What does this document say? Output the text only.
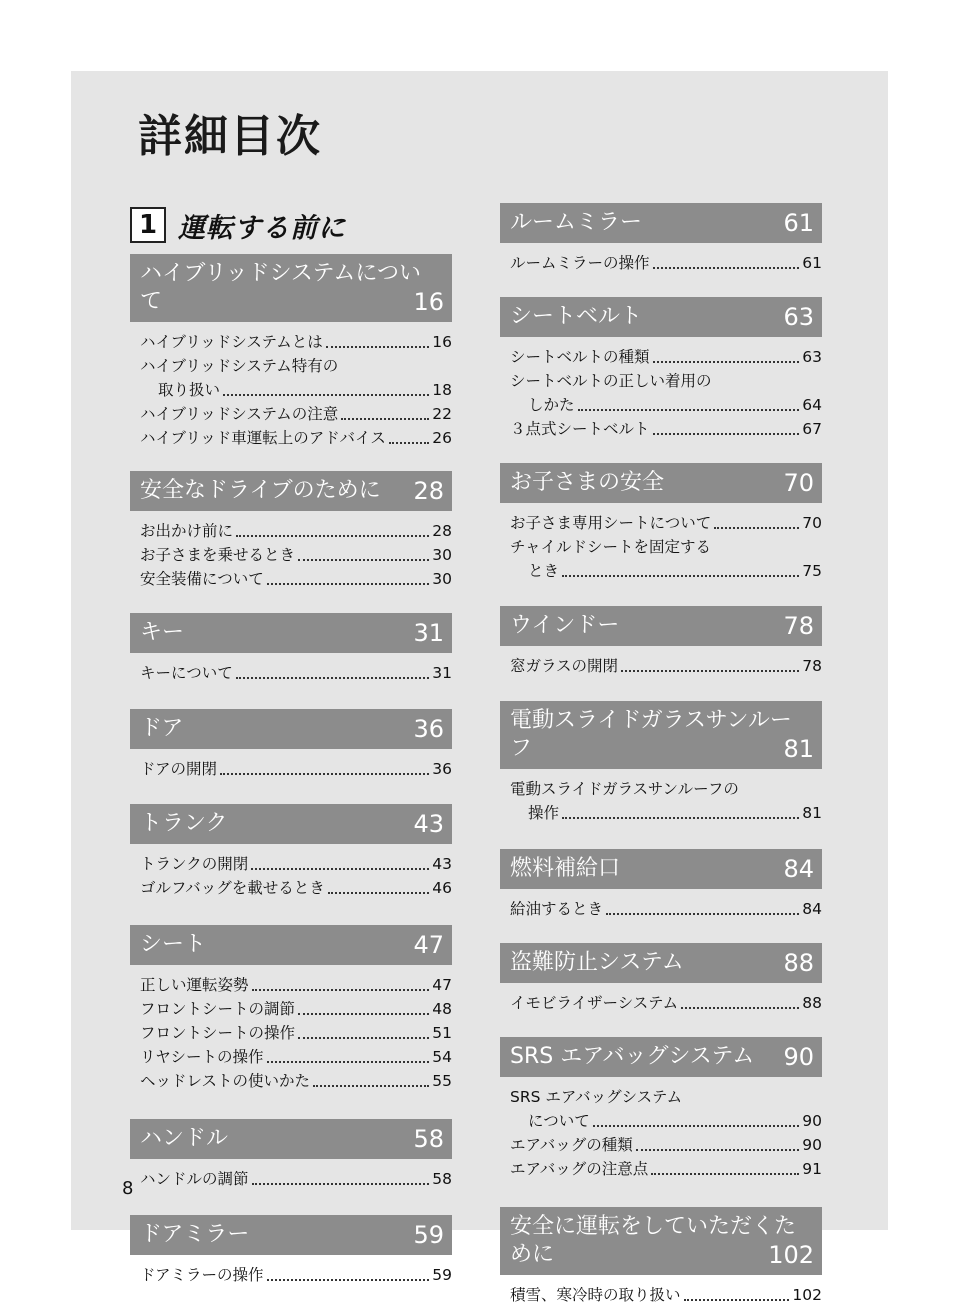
詳細目次
1 運転する前に
ハイブリッドシステムについ
て	16
ハイブリッドシステムとは	16
ハイブリッドシステム特有の
取り扱い	18
ハイブリッドシステムの注意	22
ハイブリッド車運転上のアドバイス	26
安全なドライブのために 28
お出かけ前に	28
お子さまを乗せるとき	30
安全装備について	30
キー	31
キーについて	31
ドア	36
ドアの開閉	36
トランク	43
トランクの開閉	43
ゴルフバッグを載せるとき	46
シート	47
正しい運転姿勢	47
フロントシートの調節	48
フロントシートの操作	51
リヤシートの操作	54
ヘッドレストの使いかた	55
ハンドル	58
ハンドルの調節	58
ドアミラー	59
ドアミラーの操作	59
ルームミラー	61
ルームミラーの操作	61
シートベルト	63
シートベルトの種類	63
シートベルトの正しい着用の
しかた	64
３点式シートベルト	67
お子さまの安全	70
お子さま専用シートについて	70
チャイルドシートを固定する
とき	75
ウインドー	78
窓ガラスの開閉	78
電動スライドガラスサンルー
フ	81
電動スライドガラスサンルーフの
操作	81
燃料補給口	84
給油するとき	84
盗難防止システム	88
イモビライザーシステム	88
SRS エアバッグシステム 90
SRS エアバッグシステム
について	90
エアバッグの種類	90
エアバッグの注意点	91
安全に運転をしていただくた
めに	102
積雪、寒冷時の取り扱い	102
8
